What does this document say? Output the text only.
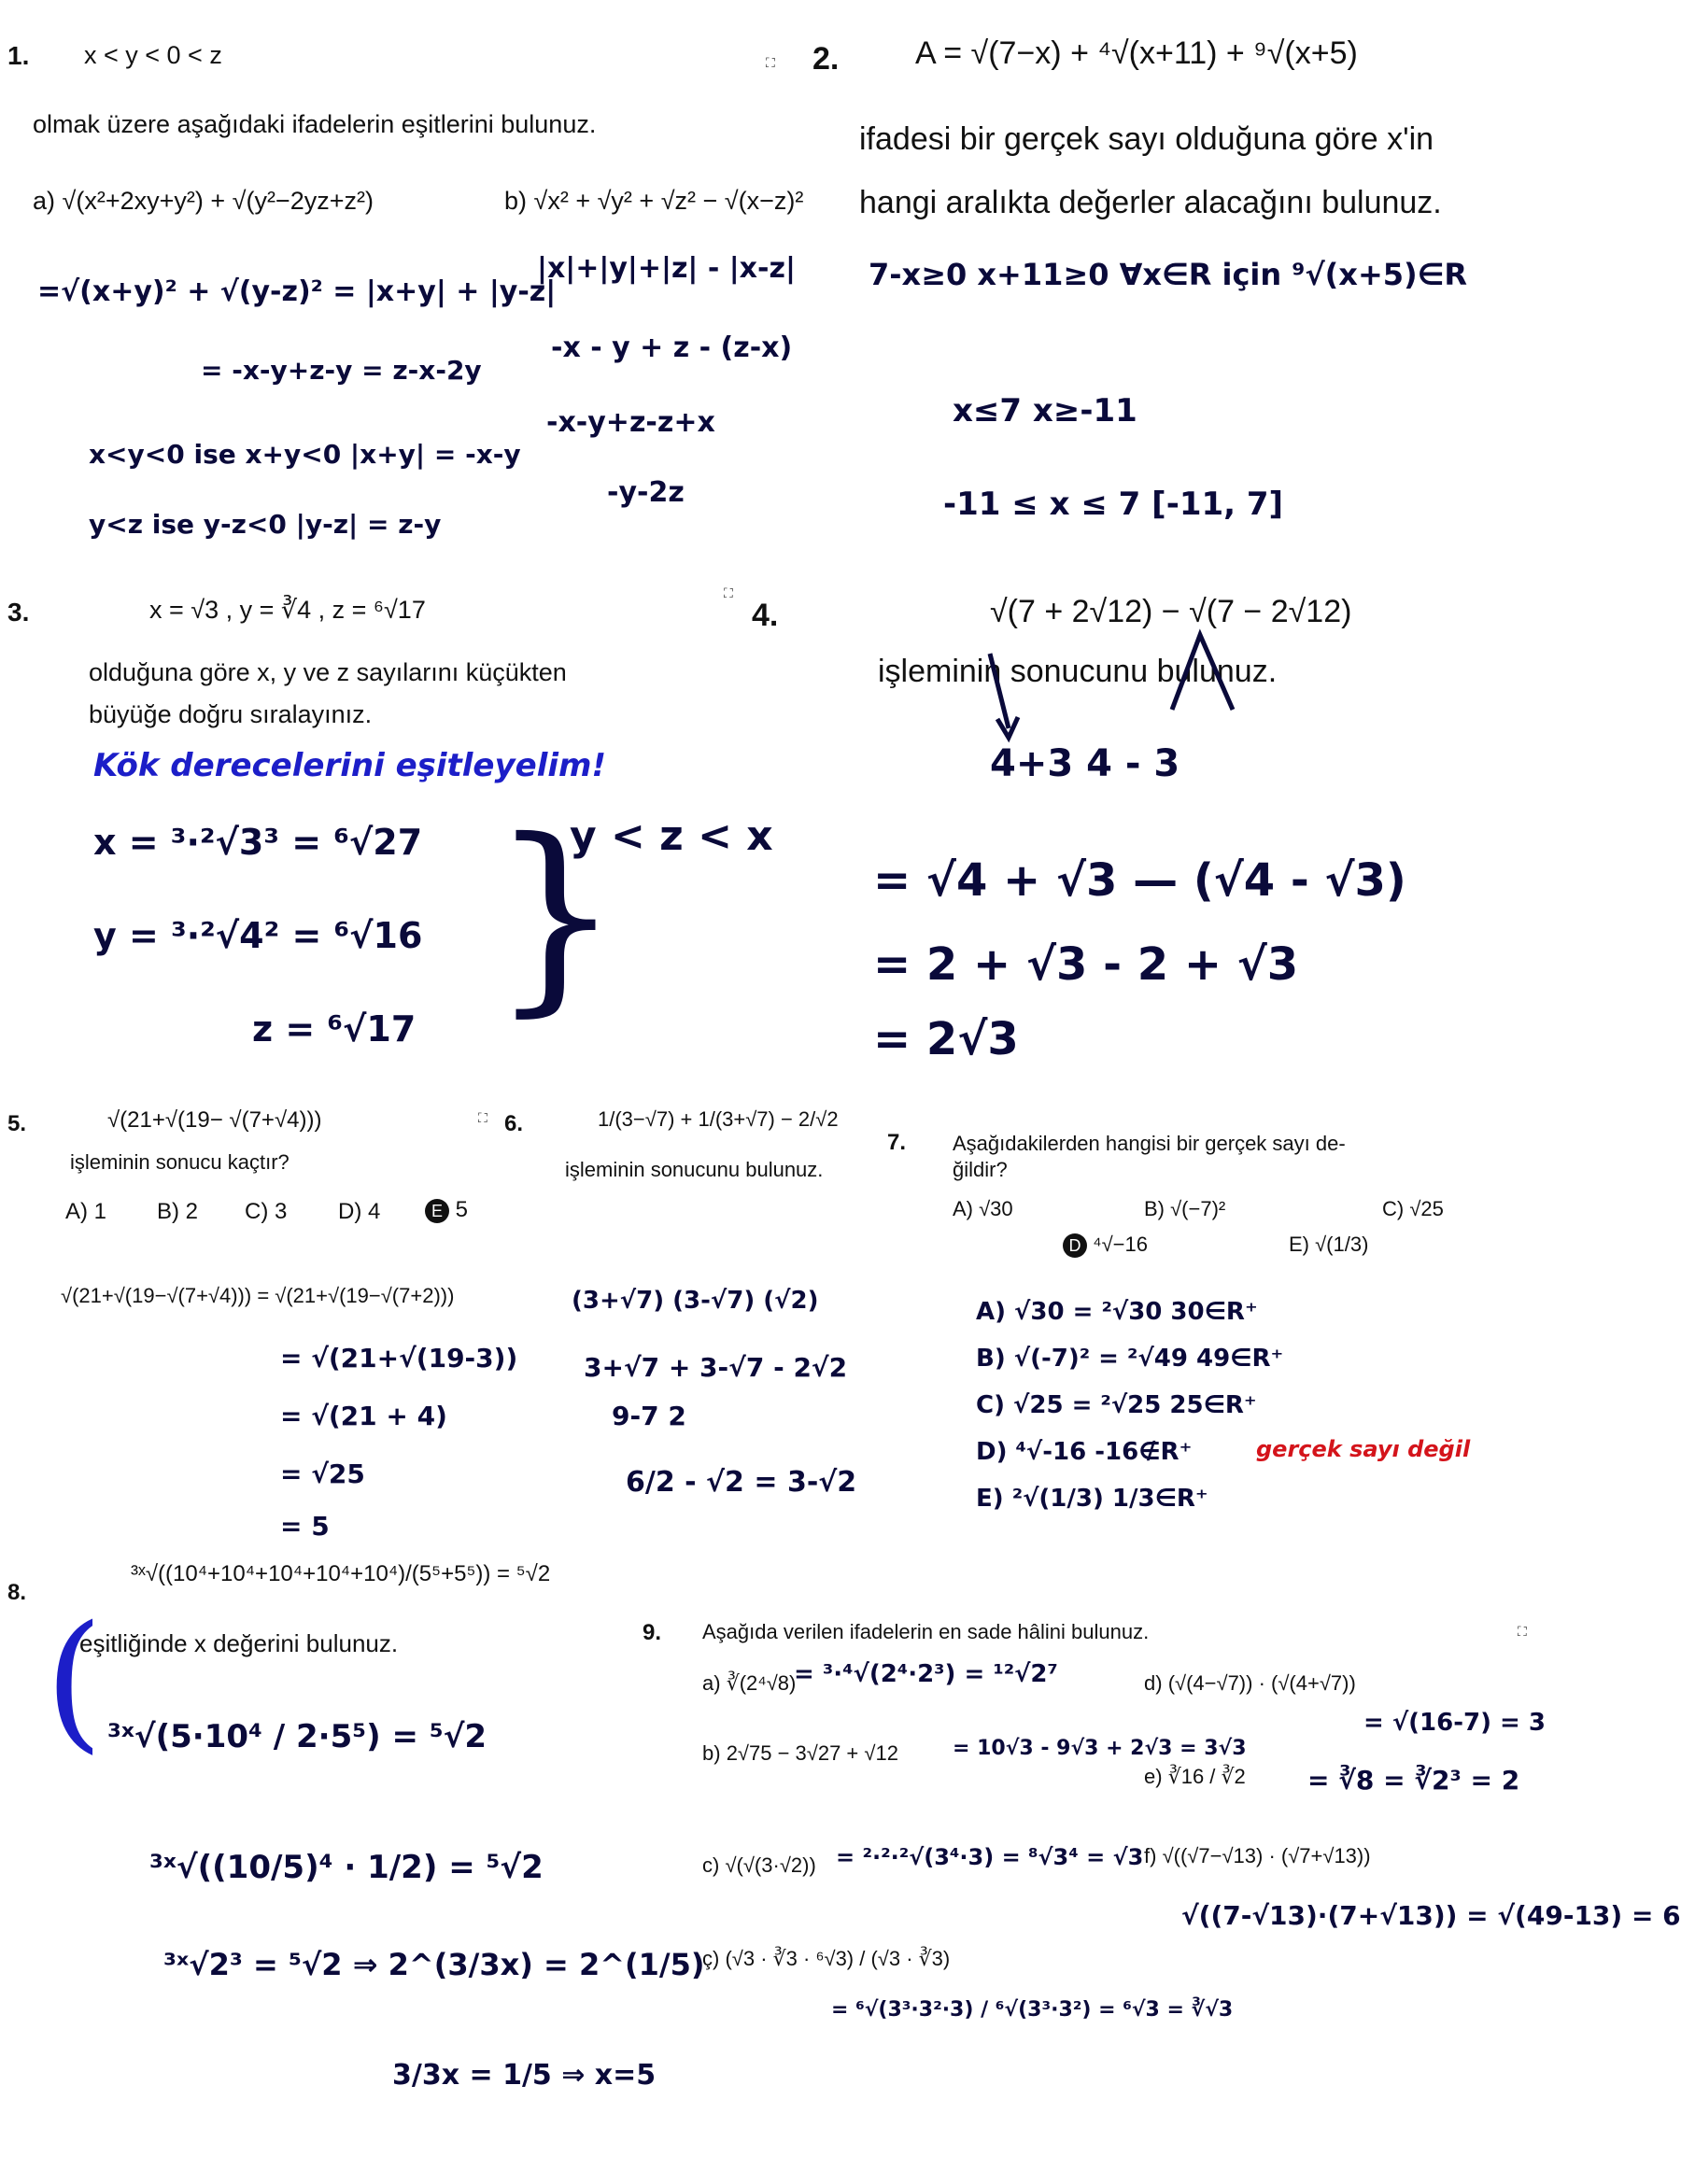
1. x < y < 0 < z
olmak üzere aşağıdaki ifadelerin eşitlerini bulunuz.
a) √(x²+2xy+y²) + √(y²−2yz+z²)	b) √x² + √y² + √z² − √(x−z)²
=√(x+y)² + √(y-z)² = |x+y| + |y-z|
= -x-y+z-y = z-x-2y
x<y<0 ise x+y<0 |x+y| = -x-y
y<z ise y-z<0 |y-z| = z-y
|x|+|y|+|z| - |x-z|
-x - y + z - (z-x)
-x-y+z-z+x
-y-2z
⛶ 2. A = √(7−x) + ⁴√(x+11) + ⁹√(x+5)
ifadesi bir gerçek sayı olduğuna göre x'in
hangi aralıkta değerler alacağını bulunuz.
7-x≥0 x+11≥0 ∀x∈R için ⁹√(x+5)∈R
x≤7 x≥-11
-11 ≤ x ≤ 7 [-11, 7]
3.	x = √3 , y = ∛4 , z = ⁶√17
olduğuna göre x, y ve z sayılarını küçükten
büyüğe doğru sıralayınız.
Kök derecelerini eşitleyelim!
x = ³·²√3³ = ⁶√27
y = ³·²√4² = ⁶√16
z = ⁶√17 }
y < z < x
⛶
4.	√(7 + 2√12) − √(7 − 2√12)
işleminin sonucunu bulunuz.
4+3 4 - 3
= √4 + √3 — (√4 - √3)
= 2 + √3 - 2 + √3
= 2√3
5.	√(21+√(19− √(7+√4)))
işleminin sonucu kaçtır?
A) 1 B) 2 C) 3 D) 4	E 5
√(21+√(19−√(7+√4))) = √(21+√(19−√(7+2)))
= √(21+√(19-3))
= √(21 + 4)
= √25
= 5
⛶ 6.	1/(3−√7) + 1/(3+√7) − 2/√2
işleminin sonucunu bulunuz.
(3+√7) (3-√7) (√2)
3+√7 + 3-√7 - 2√2
9-7 2
6/2 - √2 = 3-√2
7. Aşağıdakilerden hangisi bir gerçek sayı de-
ğildir?
A) √30	B) √(−7)²	C) √25
D ⁴√−16	E) √(1/3)
A) √30 = ²√30 30∈R⁺
B) √(-7)² = ²√49 49∈R⁺
C) √25 = ²√25 25∈R⁺
D) ⁴√-16 -16∉R⁺	gerçek sayı değil
E) ²√(1/3) 1/3∈R⁺
8.
³ˣ√((10⁴+10⁴+10⁴+10⁴+10⁴)/(5⁵+5⁵)) = ⁵√2
eşitliğinde x değerini bulunuz.
( ³ˣ√(5·10⁴ / 2·5⁵) = ⁵√2
³ˣ√((10/5)⁴ · 1/2) = ⁵√2
³ˣ√2³ = ⁵√2 ⇒ 2^(3/3x) = 2^(1/5)
3/3x = 1/5 ⇒ x=5
9. Aşağıda verilen ifadelerin en sade hâlini bulunuz.	⛶
a) ∛(2⁴√8)
= ³·⁴√(2⁴·2³) = ¹²√2⁷
b) 2√75 − 3√27 + √12	= 10√3 - 9√3 + 2√3 = 3√3
c) √(√(3·√2)) = ²·²·²√(3⁴·3) = ⁸√3⁴ = √3
ç) (√3 · ∛3 · ⁶√3) / (√3 · ∛3)
= ⁶√(3³·3²·3) / ⁶√(3³·3²) = ⁶√3 = ∛√3
d) (√(4−√7)) · (√(4+√7))
= √(16-7) = 3
e) ∛16 / ∛2 = ∛8 = ∛2³ = 2
f) √((√7−√13) · (√7+√13))
√((7-√13)·(7+√13)) = √(49-13) = 6
